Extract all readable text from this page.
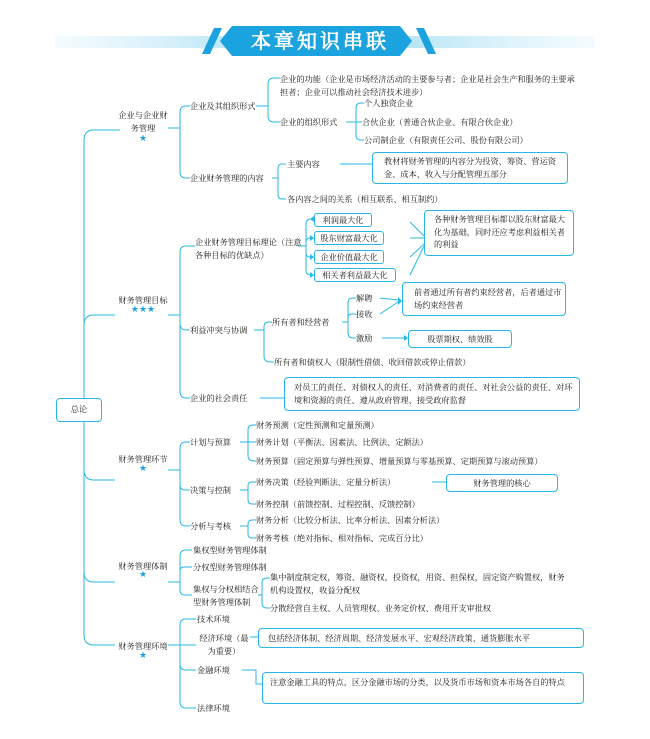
本章知识串联
总论
企业与企业财务管理
★
企业及其组织形式
企业的功能（企业是市场经济活动的主要参与者；企业是社会生产和服务的主要承担者；企业可以推动社会经济技术进步）
企业的组织形式
个人独资企业
合伙企业（普通合伙企业、有限合伙企业）
公司制企业（有限责任公司、股份有限公司）
企业财务管理的内容
主要内容	教材将财务管理的内容分为投资、筹资、营运资金、成本、收入与分配管理五部分
各内容之间的关系（相互联系、相互制约）
财务管理目标
★★★
企业财务管理目标理论（注意各种目标的优缺点）
利润最大化
股东财富最大化
企业价值最大化
相关者利益最大化
各种财务管理目标都以股东财富最大化为基础，同时还应考虑利益相关者的利益
利益冲突与协调
所有者和经营者
解聘
接收
激励
前者通过所有者约束经营者，后者通过市场约束经营者
股票期权、绩效股
所有者和债权人（限制性借债、收回借款或停止借款）
企业的社会责任
对员工的责任、对债权人的责任、对消费者的责任、对社会公益的责任、对环境和资源的责任、遵从政府管理、接受政府监督
财务管理环节
★
计划与预算
财务预测（定性预测和定量预测）
财务计划（平衡法、因素法、比例法、定额法）
财务预算（固定预算与弹性预算、增量预算与零基预算、定期预算与滚动预算）
决策与控制
财务决策（经验判断法、定量分析法）
财务控制（前馈控制、过程控制、反馈控制）
财务管理的核心
分析与考核
财务分析（比较分析法、比率分析法、因素分析法）
财务考核（绝对指标、相对指标、完成百分比）
财务管理体制
★
集权型财务管理体制
分权型财务管理体制
集权与分权相结合型财务管理体制
集中制度制定权，筹资、融资权，投资权，用资、担保权，固定资产购置权，财务机构设置权，收益分配权
分散经营自主权、人员管理权、业务定价权、费用开支审批权
财务管理环境
★
技术环境
经济环境（最为重要）
包括经济体制、经济周期、经济发展水平、宏观经济政策、通货膨胀水平
金融环境
注意金融工具的特点，区分金融市场的分类，以及货币市场和资本市场各自的特点
法律环境
